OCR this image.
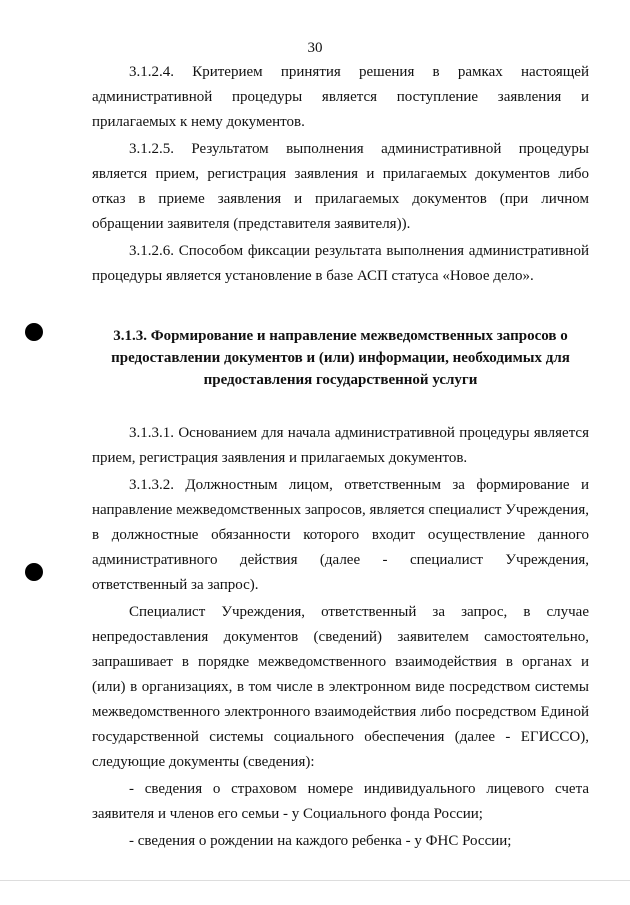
30

3.1.2.4. Критерием принятия решения в рамках настоящей административной процедуры является поступление заявления и прилагаемых к нему документов.

3.1.2.5. Результатом выполнения административной процедуры является прием, регистрация заявления и прилагаемых документов либо отказ в приеме заявления и прилагаемых документов (при личном обращении заявителя (представителя заявителя)).

3.1.2.6. Способом фиксации результата выполнения административной процедуры является установление в базе АСП статуса «Новое дело».

3.1.3. Формирование и направление межведомственных запросов о предоставлении документов и (или) информации, необходимых для предоставления государственной услуги

3.1.3.1. Основанием для начала административной процедуры является прием, регистрация заявления и прилагаемых документов.

3.1.3.2. Должностным лицом, ответственным за формирование и направление межведомственных запросов, является специалист Учреждения, в должностные обязанности которого входит осуществление данного административного действия (далее - специалист Учреждения, ответственный за запрос).

Специалист Учреждения, ответственный за запрос, в случае непредоставления документов (сведений) заявителем самостоятельно, запрашивает в порядке межведомственного взаимодействия в органах и (или) в организациях, в том числе в электронном виде посредством системы межведомственного электронного взаимодействия либо посредством Единой государственной системы социального обеспечения (далее - ЕГИССО), следующие документы (сведения):

- сведения о страховом номере индивидуального лицевого счета заявителя и членов его семьи - у Социального фонда России;

- сведения о рождении на каждого ребенка - у ФНС России;
